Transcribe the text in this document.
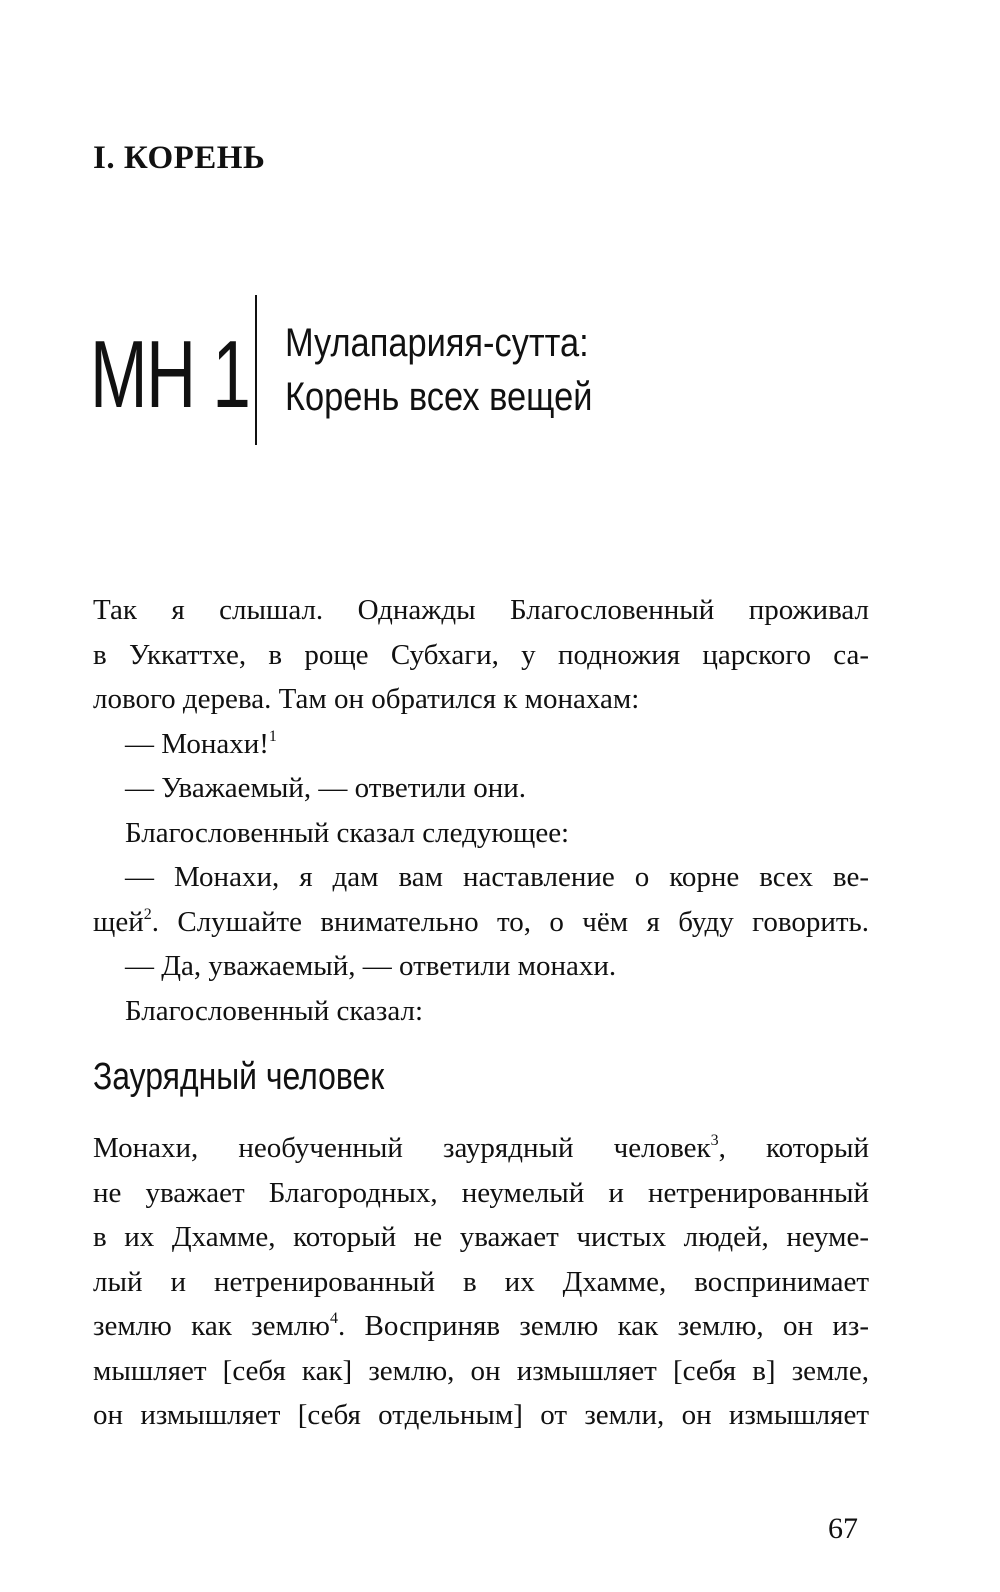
I. КОРЕНЬ
МН 1 Мулапарияя-сутта:
Корень всех вещей

Так я слышал. Однажды Благословенный проживал

в Уккаттхе, в роще Субхаги, у подножия царского са-

лового дерева. Там он обратился к монахам:

— Монахи!$^1$

— Уважаемый, — ответили они.

Благословенный сказал следующее:

— Монахи, я дам вам наставление о корне всех ве-

щей$^2$. Слушайте внимательно то, о чём я буду говорить.

— Да, уважаемый, — ответили монахи.

Благословенный сказал:

Заурядный человек

Монахи, необученный заурядный человек$^3$, который

не уважает Благородных, неумелый и нетренированный

в их Дхамме, который не уважает чистых людей, неуме-

лый и нетренированный в их Дхамме, воспринимает

землю как землю$^4$. Восприняв землю как землю, он из-

мышляет [себя как] землю, он измышляет [себя в] земле,

он измышляет [себя отдельным] от земли, он измышляет

67
